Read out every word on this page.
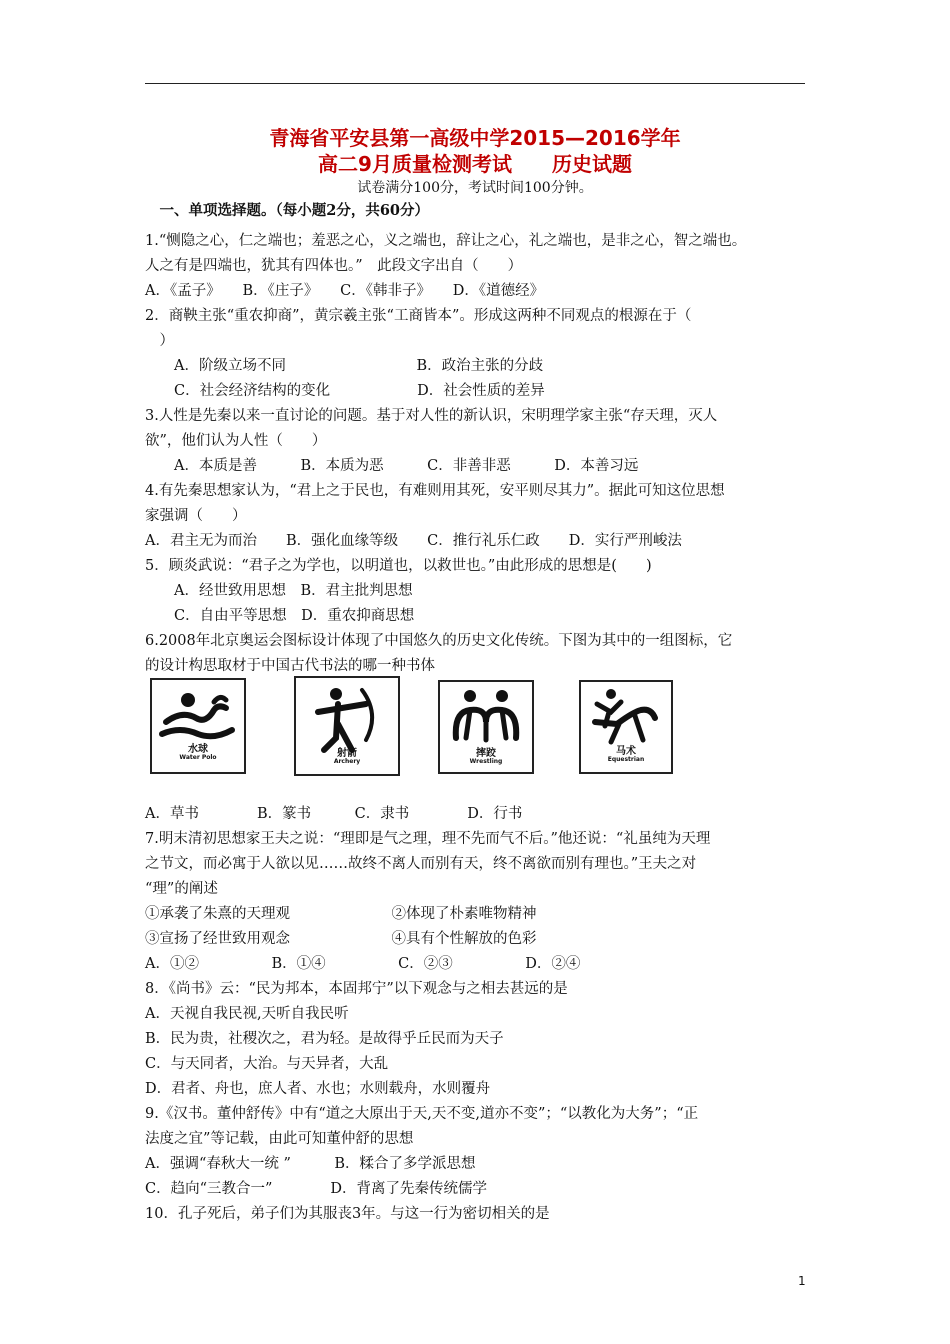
青海省平安县第一高级中学2015—2016学年
高二9月质量检测考试　　历史试题
试卷满分100分，考试时间100分钟。
　一、单项选择题。（每小题2分，共60分）
1.“恻隐之心，仁之端也；羞恶之心，义之端也，辞让之心，礼之端也，是非之心，智之端也。
人之有是四端也，犹其有四体也。”　此段文字出自（　　）
A．《孟子》　　B．《庄子》　　C．《韩非子》　　D．《道德经》
2．商鞅主张“重农抑商”，黄宗羲主张“工商皆本”。形成这两种不同观点的根源在于（
　）
　　A．阶级立场不同　　　　　　　　　B．政治主张的分歧
　　C．社会经济结构的变化　　　　　　D．社会性质的差异
3.人性是先秦以来一直讨论的问题。基于对人性的新认识，宋明理学家主张“存天理，灭人
欲”，他们认为人性（　　）
　　A．本质是善　　　B．本质为恶　　　C．非善非恶　　　D．本善习远
4.有先秦思想家认为，“君上之于民也，有难则用其死，安平则尽其力”。据此可知这位思想
家强调（　　）
A．君主无为而治　　B．强化血缘等级　　C．推行礼乐仁政　　D．实行严刑峻法
5．顾炎武说：“君子之为学也，以明道也，以救世也。”由此形成的思想是(　　)
　　A．经世致用思想　B．君主批判思想
　　C．自由平等思想　D．重农抑商思想
6.2008年北京奥运会图标设计体现了中国悠久的历史文化传统。下图为其中的一组图标，它
的设计构思取材于中国古代书法的哪一种书体
A．草书　　　　B．篆书　　　C．隶书　　　　D．行书
7.明末清初思想家王夫之说：“理即是气之理，理不先而气不后。”他还说：“礼虽纯为天理
之节文，而必寓于人欲以见……故终不离人而别有天，终不离欲而别有理也。”王夫之对
“理”的阐述
①承袭了朱熹的天理观　　　　　　　②体现了朴素唯物精神
③宣扬了经世致用观念　　　　　　　④具有个性解放的色彩
A．①②　　　　　B．①④　　　　　C．②③　　　　　D．②④
8．《尚书》云：“民为邦本，本固邦宁”以下观念与之相去甚远的是
A．天视自我民视,天听自我民听
B．民为贵，社稷次之，君为轻。是故得乎丘民而为天子
C．与天同者，大治。与天异者，大乱
D．君者、舟也，庶人者、水也；水则载舟，水则覆舟
9.《汉书。董仲舒传》中有“道之大原出于天,天不变,道亦不变”；“以教化为大务”；“正
法度之宜”等记载，由此可知董仲舒的思想
A．强调“春秋大一统 ”　　　B．糅合了多学派思想
C．趋向“三教合一”　　　　D．背离了先秦传统儒学
10．孔子死后，弟子们为其服丧3年。与这一行为密切相关的是
水球
Water Polo	射箭
Archery
摔跤
Wrestling
马术
Equestrian
1
